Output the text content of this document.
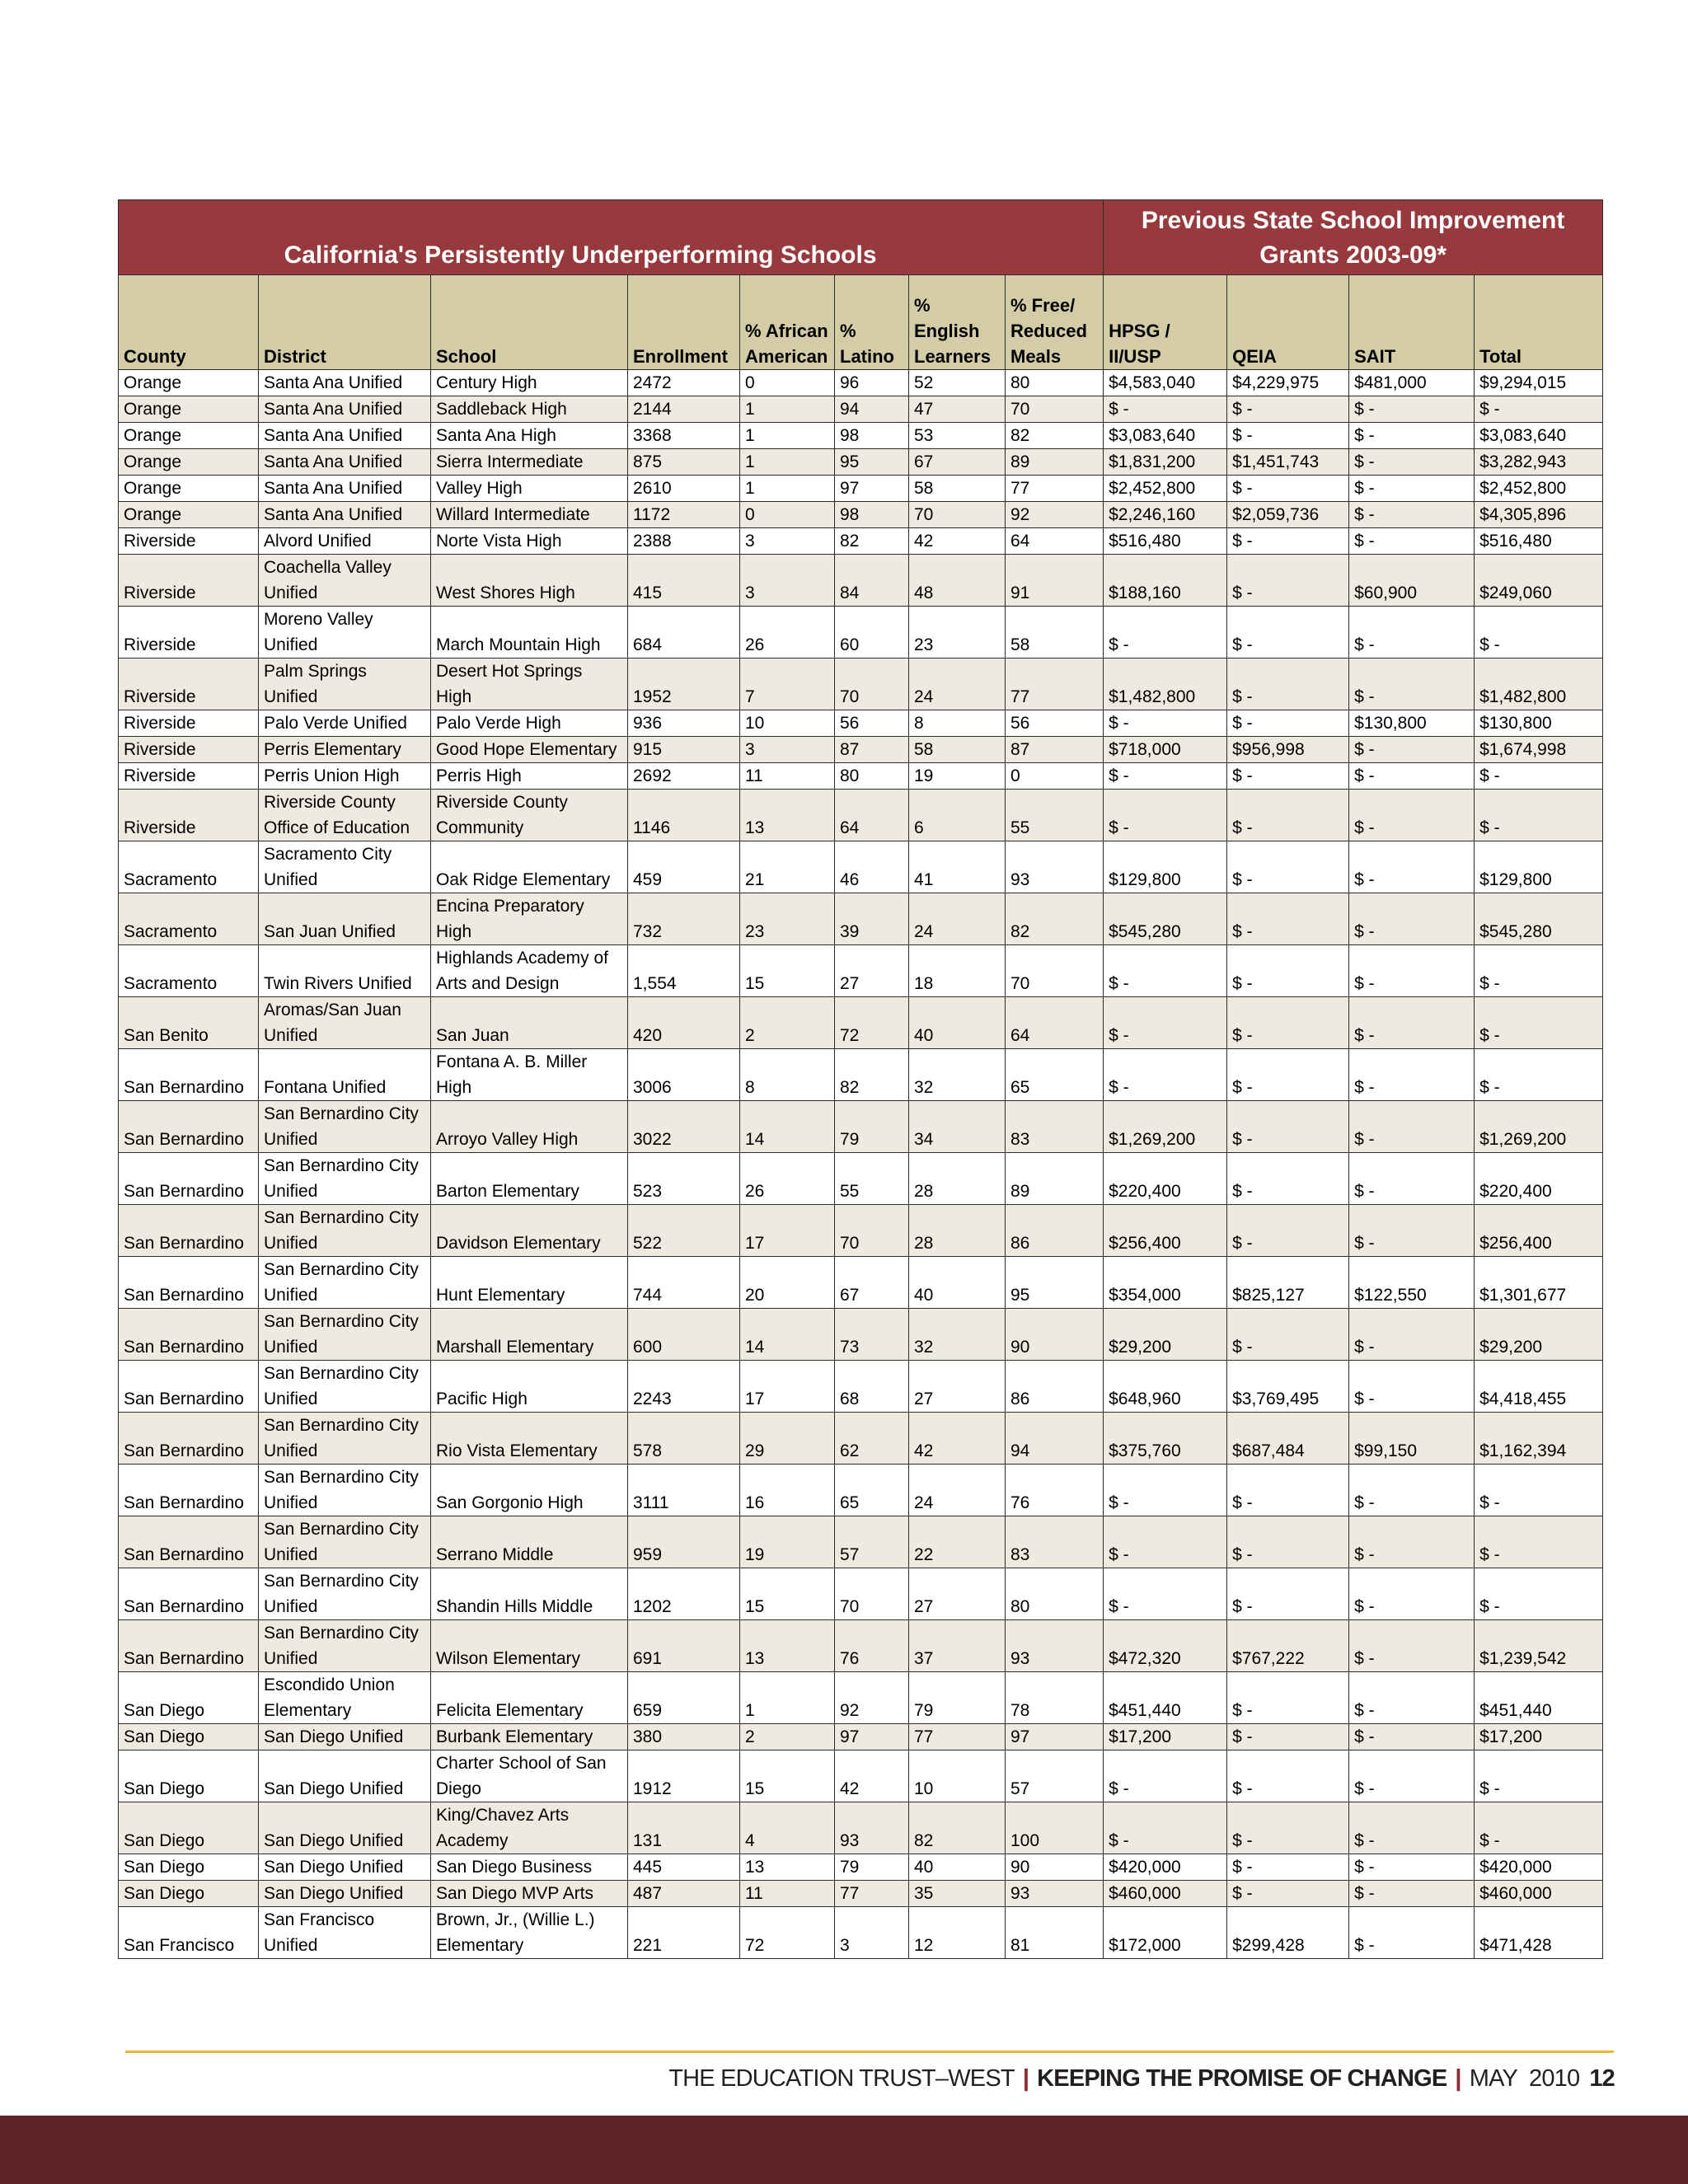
California's Persistently Underperforming Schools								Previous State School Improvement
Grants 2003-09*			

County	District	School	Enrollment	% African American	% Latino	% English Learners	% Free/ Reduced Meals	HPSG / II/USP	QEIA	SAIT	Total
Orange	Santa Ana Unified	Century High	2472	0	96	52	80	$4,583,040	$4,229,975	$481,000	$9,294,015
Orange	Santa Ana Unified	Saddleback High	2144	1	94	47	70	$ -	$ -	$ -	$ -
Orange	Santa Ana Unified	Santa Ana High	3368	1	98	53	82	$3,083,640	$ -	$ -	$3,083,640
Orange	Santa Ana Unified	Sierra Intermediate	875	1	95	67	89	$1,831,200	$1,451,743	$ -	$3,282,943
Orange	Santa Ana Unified	Valley High	2610	1	97	58	77	$2,452,800	$ -	$ -	$2,452,800
Orange	Santa Ana Unified	Willard Intermediate	1172	0	98	70	92	$2,246,160	$2,059,736	$ -	$4,305,896
Riverside	Alvord Unified	Norte Vista High	2388	3	82	42	64	$516,480	$ -	$ -	$516,480
Riverside	Coachella Valley Unified	West Shores High	415	3	84	48	91	$188,160	$ -	$60,900	$249,060
Riverside	Moreno Valley Unified	March Mountain High	684	26	60	23	58	$ -	$ -	$ -	$ -
Riverside	Palm Springs Unified	Desert Hot Springs High	1952	7	70	24	77	$1,482,800	$ -	$ -	$1,482,800
Riverside	Palo Verde Unified	Palo Verde High	936	10	56	8	56	$ -	$ -	$130,800	$130,800
Riverside	Perris Elementary	Good Hope Elementary	915	3	87	58	87	$718,000	$956,998	$ -	$1,674,998
Riverside	Perris Union High	Perris High	2692	11	80	19	0	$ -	$ -	$ -	$ -
Riverside	Riverside County Office of Education	Riverside County Community	1146	13	64	6	55	$ -	$ -	$ -	$ -
Sacramento	Sacramento City Unified	Oak Ridge Elementary	459	21	46	41	93	$129,800	$ -	$ -	$129,800
Sacramento	San Juan Unified	Encina Preparatory High	732	23	39	24	82	$545,280	$ -	$ -	$545,280
Sacramento	Twin Rivers Unified	Highlands Academy of Arts and Design	1,554	15	27	18	70	$ -	$ -	$ -	$ -
San Benito	Aromas/San Juan Unified	San Juan	420	2	72	40	64	$ -	$ -	$ -	$ -
San Bernardino	Fontana Unified	Fontana A. B. Miller High	3006	8	82	32	65	$ -	$ -	$ -	$ -
San Bernardino	San Bernardino City Unified	Arroyo Valley High	3022	14	79	34	83	$1,269,200	$ -	$ -	$1,269,200
San Bernardino	San Bernardino City Unified	Barton Elementary	523	26	55	28	89	$220,400	$ -	$ -	$220,400
San Bernardino	San Bernardino City Unified	Davidson Elementary	522	17	70	28	86	$256,400	$ -	$ -	$256,400
San Bernardino	San Bernardino City Unified	Hunt Elementary	744	20	67	40	95	$354,000	$825,127	$122,550	$1,301,677
San Bernardino	San Bernardino City Unified	Marshall Elementary	600	14	73	32	90	$29,200	$ -	$ -	$29,200
San Bernardino	San Bernardino City Unified	Pacific High	2243	17	68	27	86	$648,960	$3,769,495	$ -	$4,418,455
San Bernardino	San Bernardino City Unified	Rio Vista Elementary	578	29	62	42	94	$375,760	$687,484	$99,150	$1,162,394
San Bernardino	San Bernardino City Unified	San Gorgonio High	3111	16	65	24	76	$ -	$ -	$ -	$ -
San Bernardino	San Bernardino City Unified	Serrano Middle	959	19	57	22	83	$ -	$ -	$ -	$ -
San Bernardino	San Bernardino City Unified	Shandin Hills Middle	1202	15	70	27	80	$ -	$ -	$ -	$ -
San Bernardino	San Bernardino City Unified	Wilson Elementary	691	13	76	37	93	$472,320	$767,222	$ -	$1,239,542
San Diego	Escondido Union Elementary	Felicita Elementary	659	1	92	79	78	$451,440	$ -	$ -	$451,440
San Diego	San Diego Unified	Burbank Elementary	380	2	97	77	97	$17,200	$ -	$ -	$17,200
San Diego	San Diego Unified	Charter School of San Diego	1912	15	42	10	57	$ -	$ -	$ -	$ -
San Diego	San Diego Unified	King/Chavez Arts Academy	131	4	93	82	100	$ -	$ -	$ -	$ -
San Diego	San Diego Unified	San Diego Business	445	13	79	40	90	$420,000	$ -	$ -	$420,000
San Diego	San Diego Unified	San Diego MVP Arts	487	11	77	35	93	$460,000	$ -	$ -	$460,000
San Francisco	San Francisco Unified	Brown, Jr., (Willie L.) Elementary	221	72	3	12	81	$172,000	$299,428	$ -	$471,428
THE EDUCATION TRUST–WEST | KEEPING THE PROMISE OF CHANGE | MAY  2010 12
